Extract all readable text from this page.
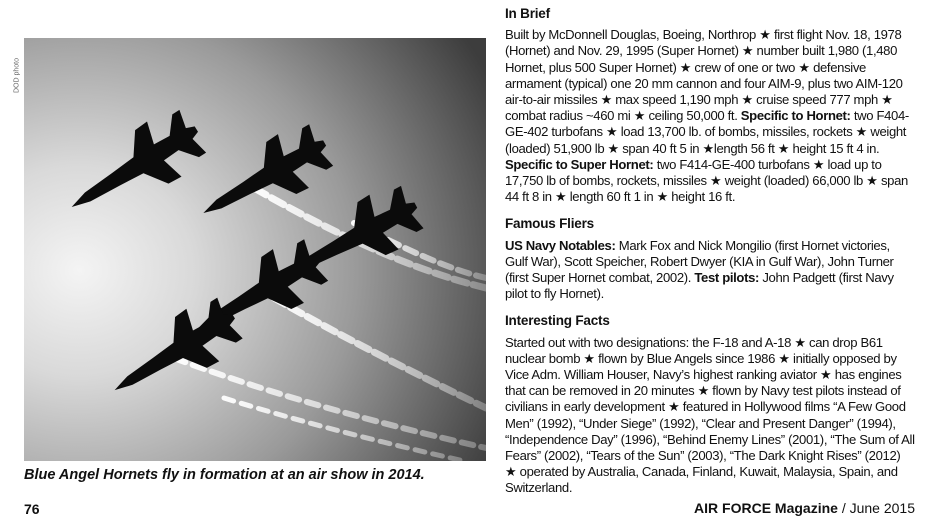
DOD photo
Blue Angel Hornets fly in formation at an air show in 2014.
In Brief
Built by McDonnell Douglas, Boeing, Northrop ★ first flight Nov. 18, 1978 (Hornet) and Nov. 29, 1995 (Super Hornet) ★ number built 1,980 (1,480 Hornet, plus 500 Super Hornet) ★ crew of one or two ★ defensive armament (typical) one 20 mm cannon and four AIM-9, plus two AIM-120 air-to-air missiles ★ max speed 1,190 mph ★ cruise speed 777 mph ★ combat radius ~460 mi ★ ceiling 50,000 ft. Specific to Hornet: two F404-GE-402 turbofans ★ load 13,700 lb. of bombs, missiles, rockets ★ weight (loaded) 51,900 lb ★ span 40 ft 5 in ★length 56 ft ★ height 15 ft 4 in. Specific to Super Hornet: two F414-GE-400 turbofans ★ load up to 17,750 lb of bombs, rockets, missiles ★ weight (loaded) 66,000 lb ★ span 44 ft 8 in ★ length 60 ft 1 in ★ height 16 ft.
Famous Fliers
US Navy Notables: Mark Fox and Nick Mongilio (first Hornet victories, Gulf War), Scott Speicher, Robert Dwyer (KIA in Gulf War), John Turner (first Super Hornet combat, 2002). Test pilots: John Padgett (first Navy pilot to fly Hornet).
Interesting Facts
Started out with two designations: the F-18 and A-18 ★ can drop B61 nuclear bomb ★ flown by Blue Angels since 1986 ★ initially opposed by Vice Adm. William Houser, Navy’s highest ranking aviator ★ has engines that can be removed in 20 minutes ★ flown by Navy test pilots instead of civilians in early development ★ featured in Hollywood films “A Few Good Men” (1992), “Under Siege” (1992), “Clear and Present Danger” (1994), “Independence Day” (1996), “Behind Enemy Lines” (2001), “The Sum of All Fears” (2002), “Tears of the Sun” (2003), “The Dark Knight Rises” (2012) ★ operated by Australia, Canada, Finland, Kuwait, Malaysia, Spain, and Switzerland.
76	AIR FORCE Magazine / June 2015
